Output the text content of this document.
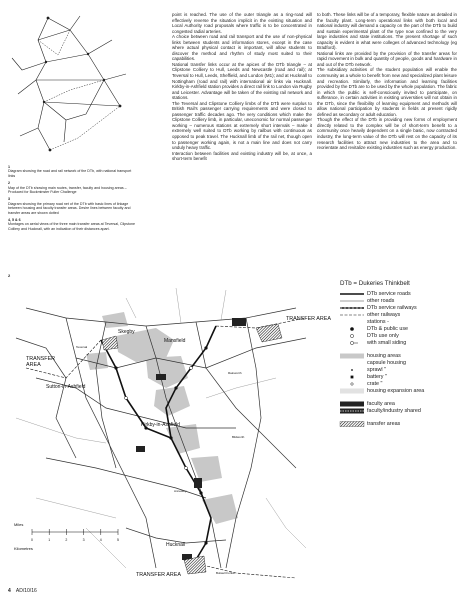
1
Diagram showing the road and rail network of the DTb, with national transport links
2
Map of the DTb showing main routes, transfer, faculty and housing areas – Produced for Buckminster Fuller Challenge
3
Diagram showing the primary road net of the DTb with basic lines of linkage between housing and faculty transfer areas. Desire lines between faculty and transfer areas are shown dotted
4, 5 & 6
Montages on aerial views of the three main transfer areas at Teversal, Clipstone Colliery and Hucknall, with an indication of their distances apart.

point is reached. The use of the outer triangle as a ring-road will effectively reverse the situation implicit in the existing situation and Local Authority road proposals where traffic is to be concentrated in congested radial arteries.

A choice between road and rail transport and the use of non-physical links between students and information stores, except in the case where actual physical contact is important, will allow students to discover the method and rhythm of study most suited to their capabilities.

National transfer links occur at the apices of the DTb triangle – at Clipstone Colliery to Hull, Leeds and Newcastle (road and rail); at Teversal to Hull, Leeds, Sheffield, and London (M1); and at Hucknall to Nottingham (road and rail) with international air links via Hucknall. Kirkby-in-Ashfield station provides a direct rail link to London via Rugby and Leicester. Advantage will be taken of the existing rail network and stations.

The Teversal and Clipstone Colliery limbs of the DTb were surplus to British Rail’s passenger carrying requirements and were closed to passenger traffic decades ago. The very conditions which make the Clipstone Colliery limb, in particular, uneconomic for normal passenger working – numerous stations at extremely short intervals – make it extremely well suited to DTb working by railbus with continuous as opposed to peak travel. The Hucknall limb of the rail net, though open to passenger working again, is not a main line and does not carry unduly heavy traffic.

Interaction between facilities and existing industry will be, at once, a short-term benefit

to both. These links will be of a temporary, flexible nature as detailed in the faculty plant. Long-term operational links with both local and national industry will demand a capacity on the part of the DTb to build and sustain experimental plant of the type now confined to the very large industries and state institutions. The present shortage of such capacity is evident in what were colleges of advanced technology (eg Bradford).

National links are provided by the provision of the transfer areas for rapid movement in bulk and quantity of people, goods and hardware in and out of the DTb network.

The subsidiary activities of the student population will enable the community as a whole to benefit from new and specialized plant leisure and recreation. Similarly, the information and learning facilities provided by the DTb are to be used by the whole population. The fabric in which the public is self-consciously invited to participate, on sufferance, in certain activities in existing universities will not obtain in the DTb, since the flexibility of learning equipment and methods will allow national participation by students in fields at present rigidly defined as secondary or adult education.

Though the effect of the DTb in providing new forms of employment directly related to the complex will be of short-term benefit to a community once heavily dependent on a single basic, now contracted industry, the long-term value of the DTb will rest on the capacity of its research facilities to attract new industries to the area and to reorientate and revitalize existing industries such as energy production.

2
TRANSFER AREA
TRANSFER AREA
TRANSFER AREA
Skegby
Mansfield
Sutton-in-Ashfield
Kirkby-in-Ashfield
Hucknall
Teversal
Rainworth
Blidworth
Annesley
Bulwell Forest
Miles
0	1	2	3	4	5
Kilometres
DTb = Dukeries Thinkbelt
DTb service roads
other roads
DTb service railways
other railways
stations -
DTb & public use
DTb use only
with small siding
housing areas
capsule housing
sprawl "
battery "
crate "
housing expansion area
faculty area
faculty/industry shared
transfer areas
4 AD/10/16
